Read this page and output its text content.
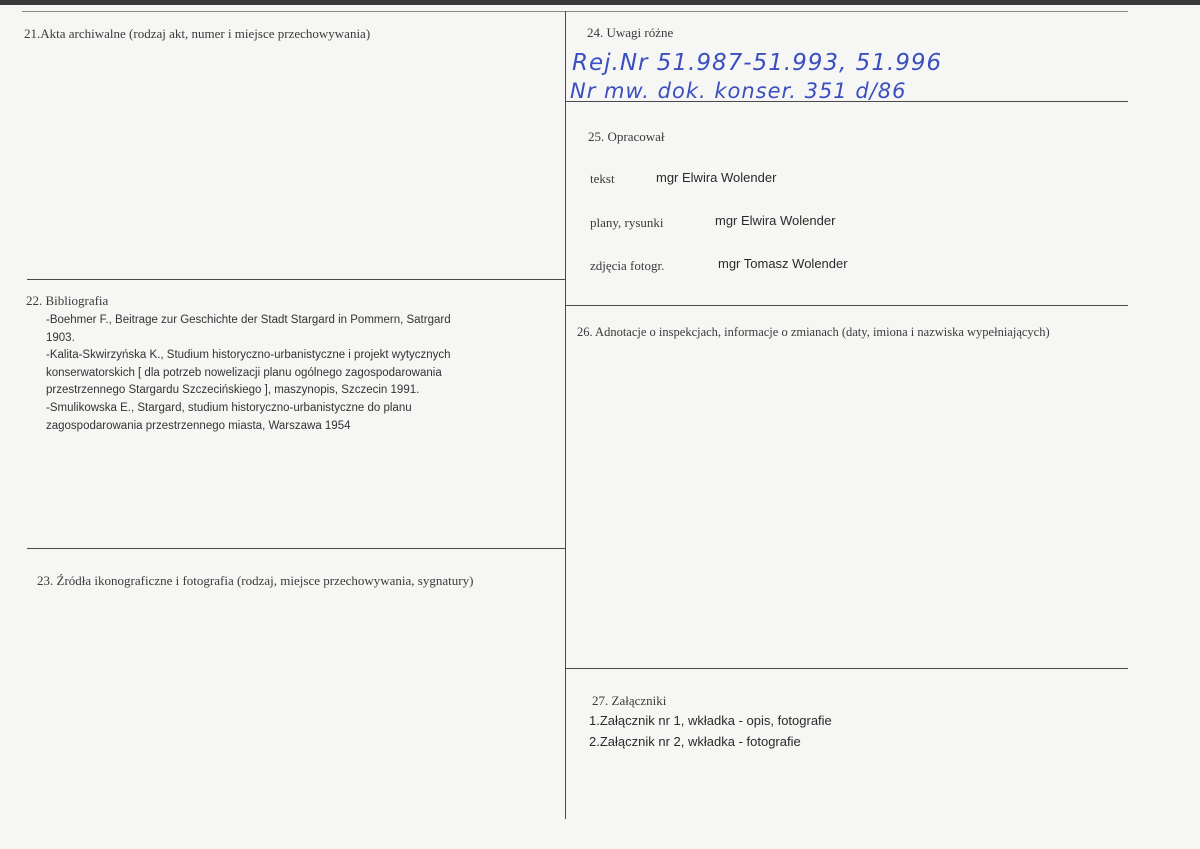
21.Akta archiwalne (rodzaj akt, numer i miejsce przechowywania)
22. Bibliografia
-Boehmer F., Beitrage zur Geschichte der Stadt Stargard in Pommern, Satrgard
1903.
-Kalita-Skwirzyńska K., Studium historyczno-urbanistyczne i projekt wytycznych
konserwatorskich [ dla potrzeb nowelizacji planu ogólnego zagospodarowania
przestrzennego Stargardu Szczecińskiego ], maszynopis, Szczecin 1991.
-Smulikowska E., Stargard, studium historyczno-urbanistyczne do planu
zagospodarowania przestrzennego miasta, Warszawa 1954
23. Źródła ikonograficzne i fotografia (rodzaj, miejsce przechowywania, sygnatury)
24. Uwagi różne
Rej.Nr 51.987-51.993, 51.996
Nr mw. dok. konser. 351 d/86
25. Opracował
tekst	mgr Elwira Wolender
plany, rysunki	mgr Elwira Wolender
zdjęcia fotogr.	mgr Tomasz Wolender
26. Adnotacje o inspekcjach, informacje o zmianach (daty, imiona i nazwiska wypełniających)
27. Załączniki
1.Załącznik nr 1, wkładka - opis, fotografie
2.Załącznik nr 2, wkładka - fotografie
